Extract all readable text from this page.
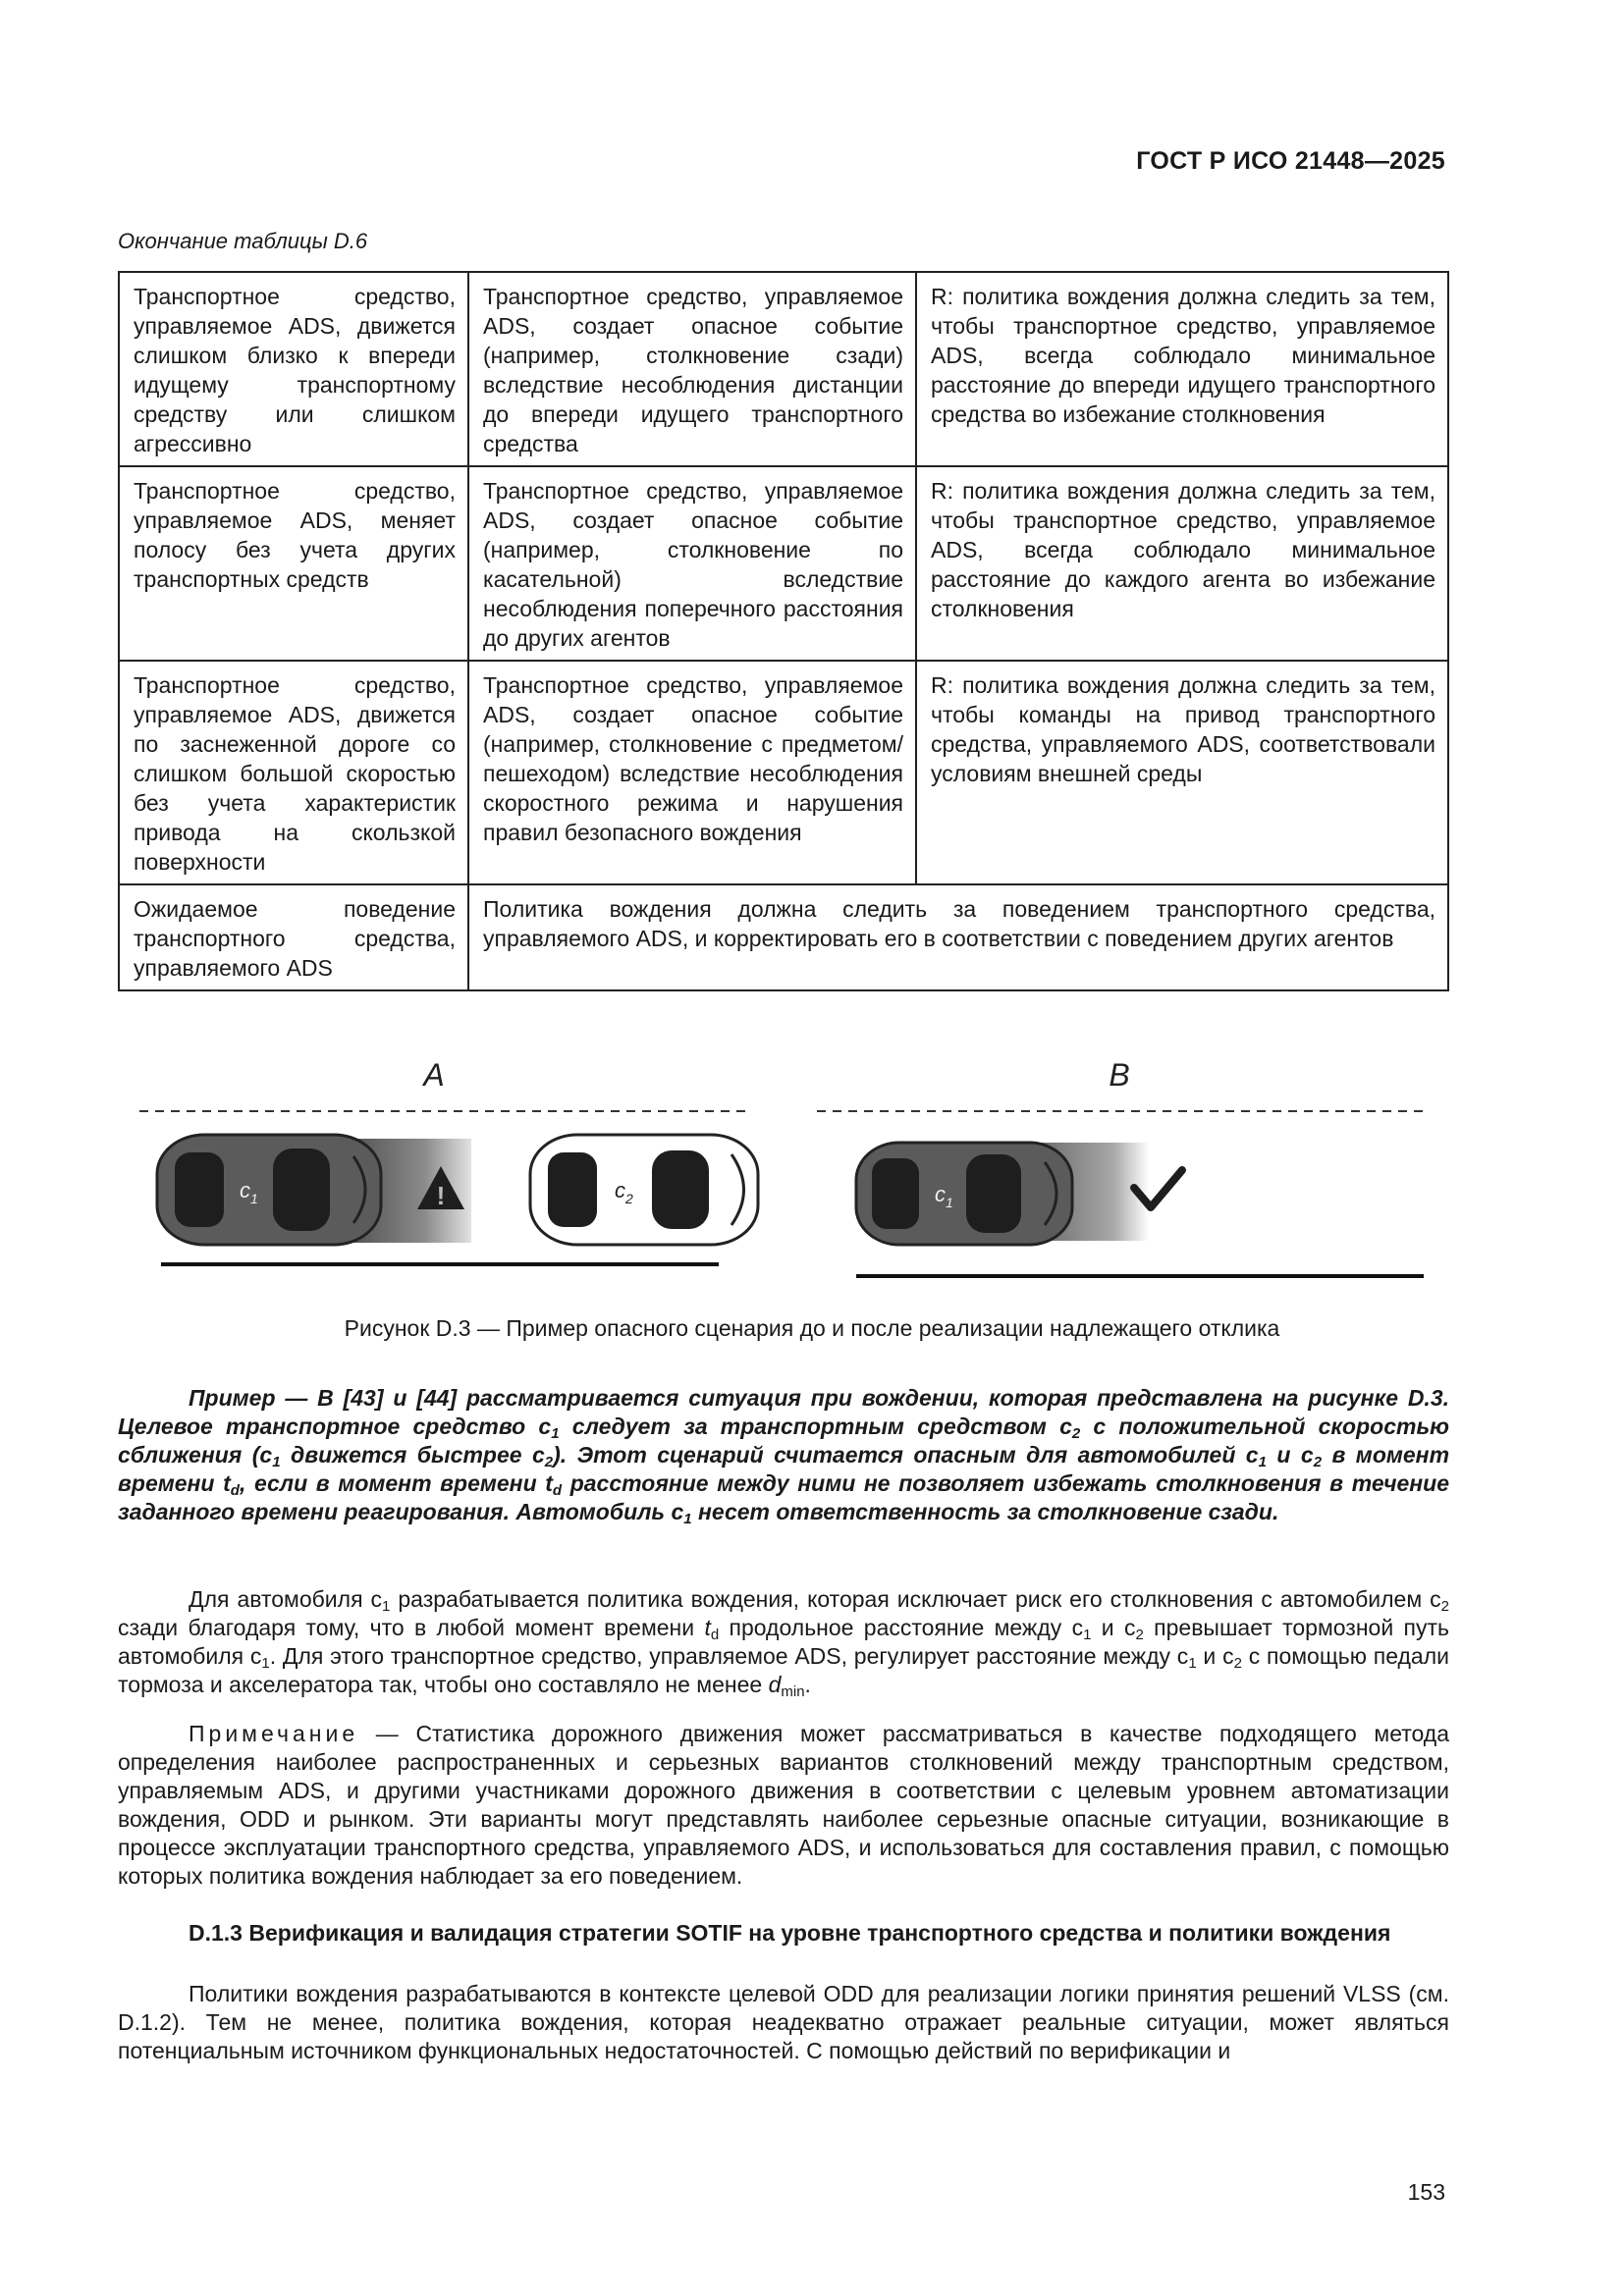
ГОСТ Р ИСО 21448—2025
Окончание таблицы D.6
Транспортное средство, управляемое ADS, движется слишком близко к впереди идущему транспортному средству или слишком агрессивно	Транспортное средство, управляемое ADS, создает опасное событие (например, столкновение сзади) вследствие несоблюдения дистанции до впереди идущего транспортного средства	R: политика вождения должна следить за тем, чтобы транспортное средство, управляемое ADS, всегда соблюдало минимальное расстояние до впереди идущего транспортного средства во избежание столкновения
Транспортное средство, управляемое ADS, меняет полосу без учета других транспортных средств	Транспортное средство, управляемое ADS, создает опасное событие (например, столкновение по касательной) вследствие несоблюдения поперечного расстояния до других агентов	R: политика вождения должна следить за тем, чтобы транспортное средство, управляемое ADS, всегда соблюдало минимальное расстояние до каждого агента во избежание столкновения
Транспортное средство, управляемое ADS, движется по заснеженной дороге со слишком большой скоростью без учета характеристик привода на скользкой поверхности	Транспортное средство, управляемое ADS, создает опасное событие (например, столкновение с предметом/пешеходом) вследствие несоблюдения скоростного режима и нарушения правил безопасного вождения	R: политика вождения должна следить за тем, чтобы команды на привод транспортного средства, управляемого ADS, соответствовали условиям внешней среды
Ожидаемое поведение транспортного средства, управляемого ADS	Политика вождения должна следить за поведением транспортного средства, управляемого ADS, и корректировать его в соответствии с поведением других агентов	
A
$c_1$	!	$c_2$
B
$c_1$
Рисунок D.3 — Пример опасного сценария до и после реализации надлежащего отклика
Пример — В [43] и [44] рассматривается ситуация при вождении, которая представлена на рисунке D.3. Целевое транспортное средство $c_1$ следует за транспортным средством $c_2$ с положительной скоростью сближения ($c_1$ движется быстрее $c_2$). Этот сценарий считается опасным для автомобилей $c_1$ и $c_2$ в момент времени $t_d$, если в момент времени $t_d$ расстояние между ними не позволяет избежать столкновения в течение заданного времени реагирования. Автомобиль $c_1$ несет ответственность за столкновение сзади.
Для автомобиля $c_1$ разрабатывается политика вождения, которая исключает риск его столкновения с автомобилем $c_2$ сзади благодаря тому, что в любой момент времени $t_d$ продольное расстояние между $c_1$ и $c_2$ превышает тормозной путь автомобиля $c_1$. Для этого транспортное средство, управляемое ADS, регулирует расстояние между $c_1$ и $c_2$ с помощью педали тормоза и акселератора так, чтобы оно составляло не менее $d_{min}$.
Примечание — Статистика дорожного движения может рассматриваться в качестве подходящего метода определения наиболее распространенных и серьезных вариантов столкновений между транспортным средством, управляемым ADS, и другими участниками дорожного движения в соответствии с целевым уровнем автоматизации вождения, ODD и рынком. Эти варианты могут представлять наиболее серьезные опасные ситуации, возникающие в процессе эксплуатации транспортного средства, управляемого ADS, и использоваться для составления правил, с помощью которых политика вождения наблюдает за его поведением.
D.1.3 Верификация и валидация стратегии SOTIF на уровне транспортного средства и политики вождения
Политики вождения разрабатываются в контексте целевой ODD для реализации логики принятия решений VLSS (см. D.1.2). Тем не менее, политика вождения, которая неадекватно отражает реальные ситуации, может являться потенциальным источником функциональных недостаточностей. С помощью действий по верификации и
153
